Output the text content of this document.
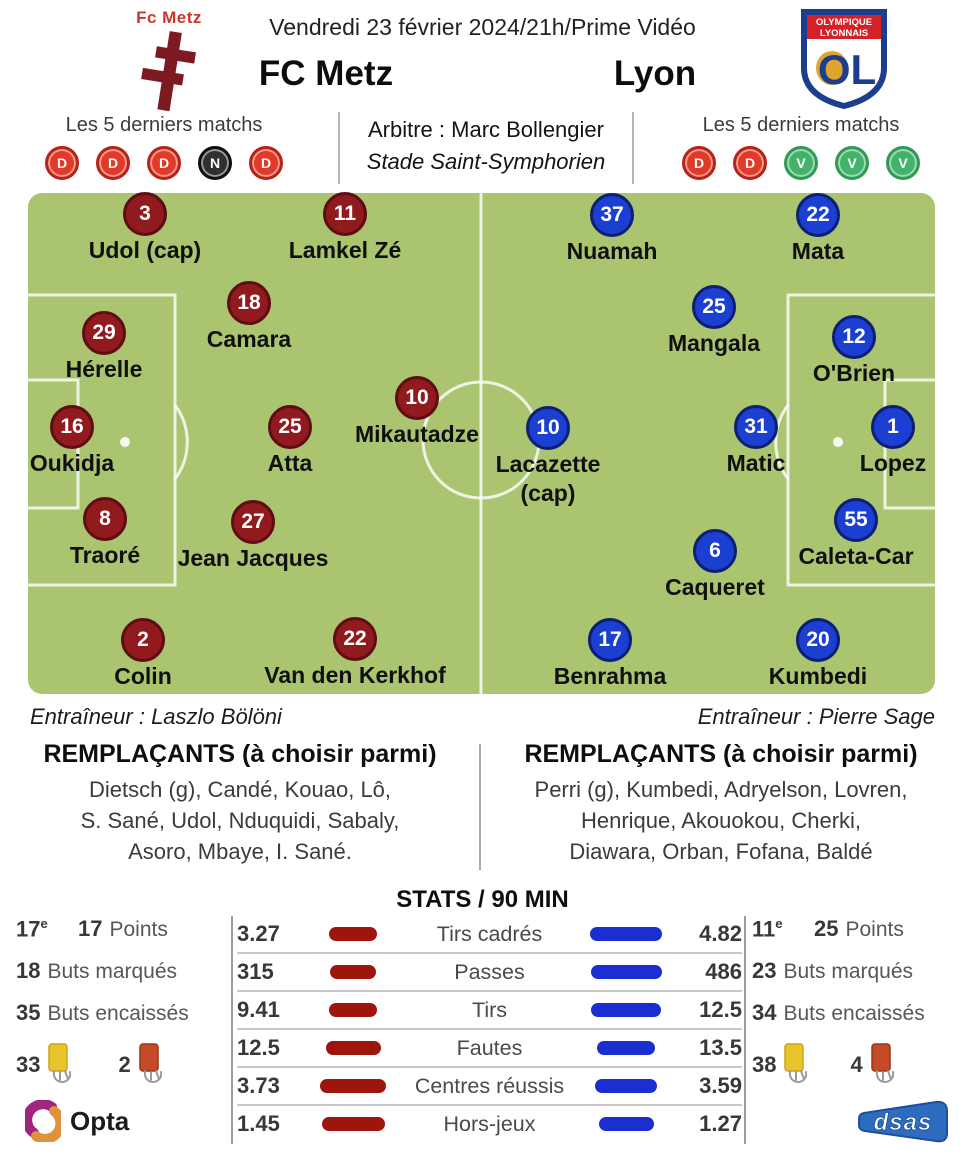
Fc Metz	Vendredi 23 février 2024/21h/Prime Vidéo
FC Metz	Lyon
OLYMPIQUE
LYONNAIS
OL
Les 5 derniers matchs
D	D	D	N	D
Arbitre : Marc Bollengier
Stade Saint-Symphorien
Les 5 derniers matchs
D	D	V	V	V
3
Udol (cap)
11
Lamkel Zé
18
Camara
29
Hérelle
16
Oukidja
25
Atta
10
Mikautadze
8
Traoré
27
Jean Jacques
2
Colin
22
Van den Kerkhof
37
Nuamah
22
Mata
25
Mangala	12
O'Brien
10
Lacazette
(cap)
31
Matic
1
Lopez
55
Caleta-Car
6
Caqueret
17
Benrahma
20
Kumbedi
Entraîneur : Laszlo Bölöni	Entraîneur : Pierre Sage
REMPLAÇANTS (à choisir parmi)
Dietsch (g), Candé, Kouao, Lô,
S. Sané, Udol, Nduquidi, Sabaly,
Asoro, Mbaye, I. Sané.
REMPLAÇANTS (à choisir parmi)
Perri (g), Kumbedi, Adryelson, Lovren,
Henrique, Akouokou, Cherki,
Diawara, Orban, Fofana, Baldé
STATS / 90 MIN
3.27	Tirs cadrés	4.82
315	Passes	486
9.41	Tirs	12.5
12.5	Fautes	13.5
3.73	Centres réussis	3.59
1.45	Hors-jeux	1.27
17e	17 Points
18 Buts marqués
35 Buts encaissés
33	2
11e	25 Points
23 Buts marqués
34 Buts encaissés
38	4
Opta	dsas
